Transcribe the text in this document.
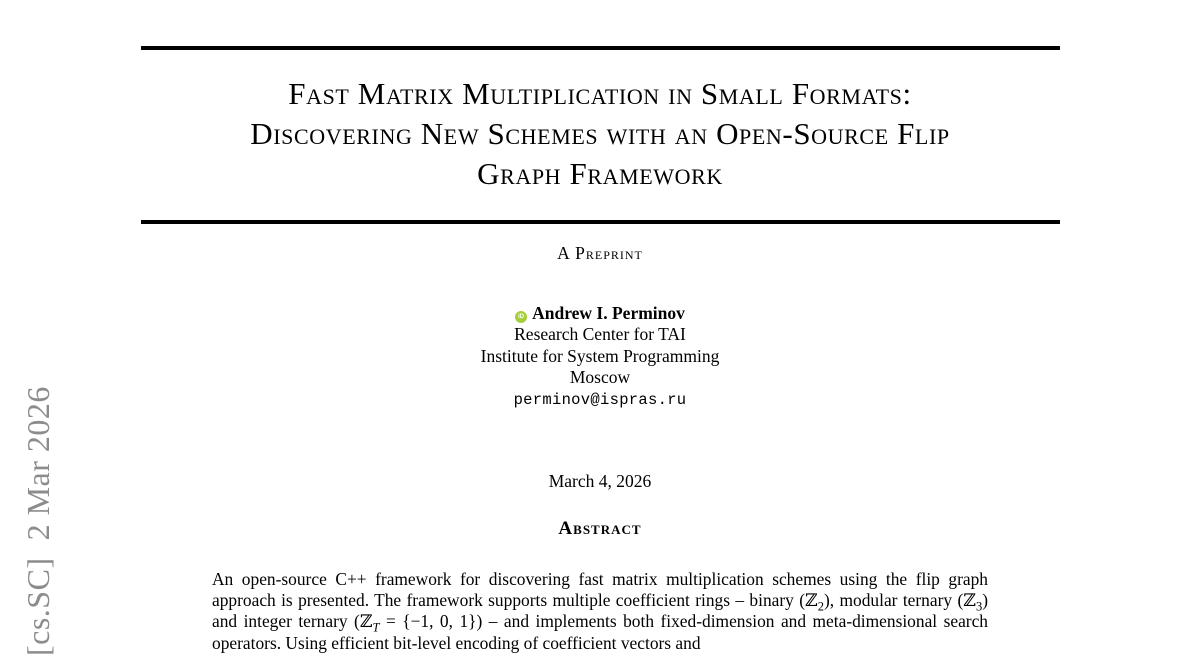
[cs.SC]  2 Mar 2026
Fast Matrix Multiplication in Small Formats:
Discovering New Schemes with an Open-Source Flip
Graph Framework
A Preprint
iD Andrew I. Perminov
Research Center for TAI
Institute for System Programming
Moscow
perminov@ispras.ru
March 4, 2026
Abstract

An open-source C++ framework for discovering fast matrix multiplication schemes using the flip graph approach is presented. The framework supports multiple coefficient rings – binary (ℤ$_2$), modular ternary (ℤ$_3$) and integer ternary (ℤ$_T$ = {−1, 0, 1}) – and implements both fixed-dimension and meta-dimensional search operators. Using efficient bit-level encoding of coefficient vectors and
